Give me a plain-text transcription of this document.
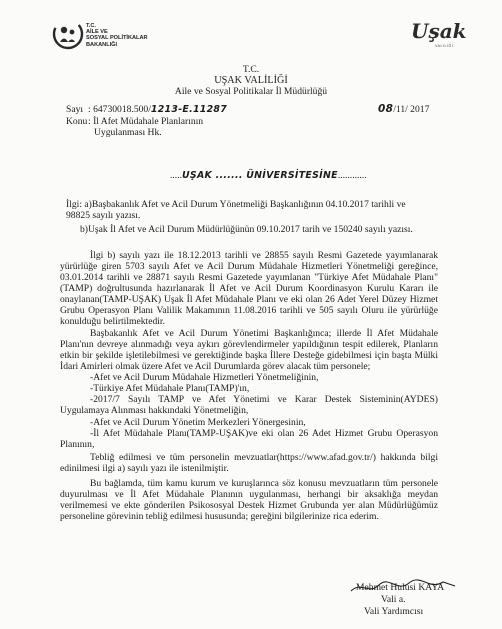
T.C.
AİLE VE
SOSYAL POLİTİKALAR
BAKANLIĞI
Uşak
VALİLİĞİ
T.C.
UŞAK VALİLİĞİ
Aile ve Sosyal Politikalar İl Müdürlüğü
Sayı : 64730018.500/1213-E.11287	08/11/ 2017
Konu : İl Afet Müdahale Planlarının
Uygulanması Hk.
.....UŞAK ....... ÜNİVERSİTESİNE............
İlgi: a)Başbakanlık Afet ve Acil Durum Yönetmeliği Başkanlığının 04.10.2017 tarihli ve
98825 sayılı yazısı.
b)Uşak İl Afet ve Acil Durum Müdürlüğünün 09.10.2017 tarih ve 150240 sayılı yazısı.
İlgi b) sayılı yazı ile 18.12.2013 tarihli ve 28855 sayılı Resmi Gazetede yayımlanarak yürürlüğe giren 5703 sayılı Afet ve Acil Durum Müdahale Hizmetleri Yönetmeliği gereğince, 03.01.2014 tarihli ve 28871 sayılı Resmi Gazetede yayımlanan "Türkiye Afet Müdahale Planı"(TAMP) doğrultusunda hazırlanarak İl Afet ve Acil Durum Koordinasyon Kurulu Kararı ile onaylanan(TAMP-UŞAK) Uşak İl Afet Müdahale Planı ve eki olan 26 Adet Yerel Düzey Hizmet Grubu Operasyon Planı Valilik Makamının 11.08.2016 tarihli ve 505 sayılı Oluru ile yürürlüğe konulduğu belirtilmektedir.
Başbakanlık Afet ve Acil Durum Yönetimi Başkanlığınca; illerde İl Afet Müdahale Planı'nın devreye alınmadığı veya aykırı görevlendirmeler yapıldığının tespit edilerek, Planların etkin bir şekilde işletilebilmesi ve gerektiğinde başka İllere Desteğe gidebilmesi için başta Mülki İdari Amirleri olmak üzere Afet ve Acil Durumlarda görev alacak tüm personele;
-Afet ve Acil Durum Müdahale Hizmetleri Yönetmeliğinin,
-Türkiye Afet Müdahale Planı(TAMP)'ın,
-2017/7 Sayılı TAMP ve Afet Yönetimi ve Karar Destek Sisteminin(AYDES) Uygulamaya Alınması hakkındaki Yönetmeliğin,
-Afet ve Acil Durum Yönetim Merkezleri Yönergesinin,
-İl Afet Müdahale Planı(TAMP-UŞAK)ve eki olan 26 Adet Hizmet Grubu Operasyon Planının,
Tebliğ edilmesi ve tüm personelin mevzuatlar(https://www.afad.gov.tr/) hakkında bilgi edinilmesi ilgi a) sayılı yazı ile istenilmiştir.
Bu bağlamda, tüm kamu kurum ve kuruşlarınca söz konusu mevzuatların tüm personele duyurulması ve İl Afet Müdahale Planının uygulanması, herhangi bir aksaklığa meydan verilmemesi ve ekte gönderilen Psikososyal Destek Hizmet Grubunda yer alan Müdürlüğümüz personeline görevinin tebliğ edilmesi hususunda; gereğini bilgilerinize rica ederim.
Mehmet Hulusi KAYA
Vali a.
Vali Yardımcısı
